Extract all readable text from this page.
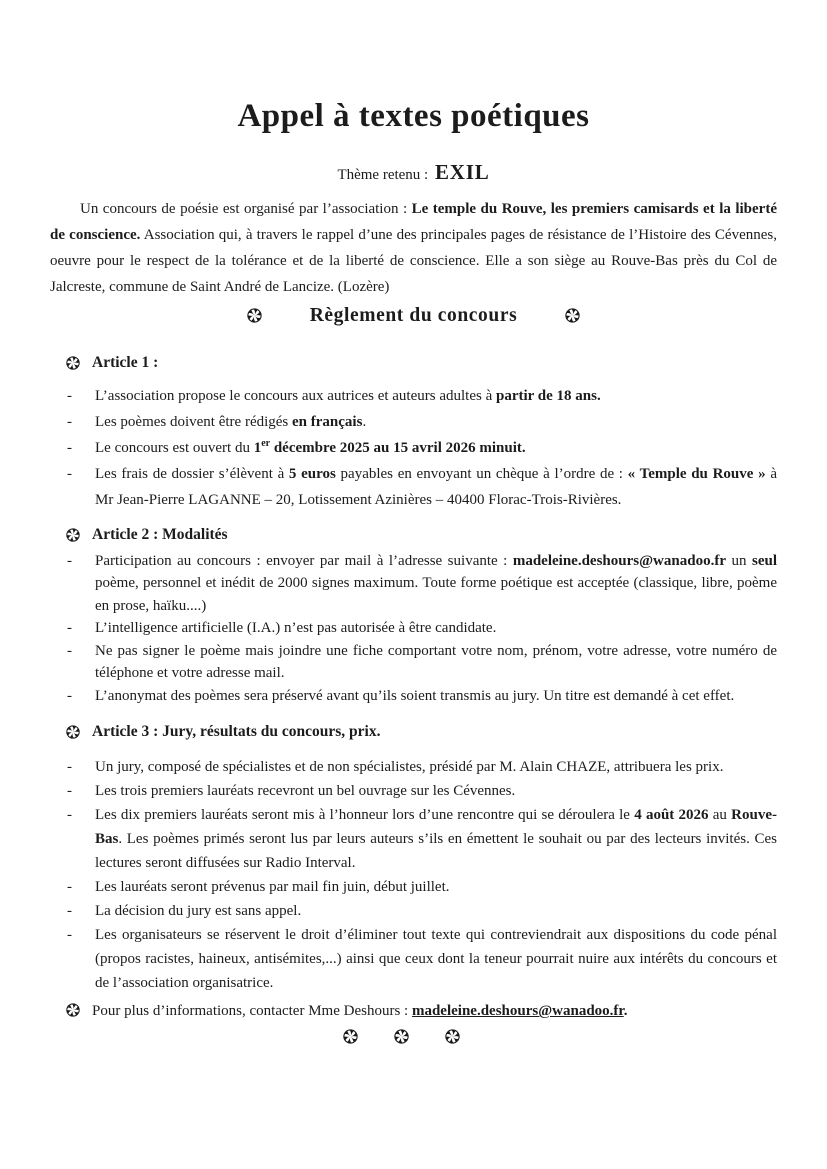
Appel à textes poétiques
Thème retenu : EXIL

Un concours de poésie est organisé par l’association : Le temple du Rouve, les premiers camisards et la liberté de conscience. Association qui, à travers le rappel d’une des principales pages de résistance de l’Histoire des Cévennes, oeuvre pour le respect de la tolérance et de la liberté de conscience. Elle a son siège au Rouve-Bas près du Col de Jalcreste, commune de Saint André de Lancize. (Lozère)

Règlement du concours
Article 1 :
- L’association propose le concours aux autrices et auteurs adultes à partir de 18 ans.
- Les poèmes doivent être rédigés en français.
- Le concours est ouvert du 1er décembre 2025 au 15 avril 2026 minuit.
- Les frais de dossier s’élèvent à 5 euros payables en envoyant un chèque à l’ordre de : « Temple du Rouve » à Mr Jean-Pierre LAGANNE – 20, Lotissement Azinières – 40400 Florac-Trois-Rivières.
Article 2 : Modalités
- Participation au concours : envoyer par mail à l’adresse suivante : madeleine.deshours@wanadoo.fr un seul poème, personnel et inédit de 2000 signes maximum. Toute forme poétique est acceptée (classique, libre, poème en prose, haïku....)
- L’intelligence artificielle (I.A.) n’est pas autorisée à être candidate.
- Ne pas signer le poème mais joindre une fiche comportant votre nom, prénom, votre adresse, votre numéro de téléphone et votre adresse mail.
- L’anonymat des poèmes sera préservé avant qu’ils soient transmis au jury. Un titre est demandé à cet effet.
Article 3 : Jury, résultats du concours, prix.
- Un jury, composé de spécialistes et de non spécialistes, présidé par M. Alain CHAZE, attribuera les prix.
- Les trois premiers lauréats recevront un bel ouvrage sur les Cévennes.
- Les dix premiers lauréats seront mis à l’honneur lors d’une rencontre qui se déroulera le 4 août 2026 au Rouve-Bas. Les poèmes primés seront lus par leurs auteurs s’ils en émettent le souhait ou par des lecteurs invités. Ces lectures seront diffusées sur Radio Interval.
- Les lauréats seront prévenus par mail fin juin, début juillet.
- La décision du jury est sans appel.
- Les organisateurs se réservent le droit d’éliminer tout texte qui contreviendrait aux dispositions du code pénal (propos racistes, haineux, antisémites,...) ainsi que ceux dont la teneur pourrait nuire aux intérêts du concours et de l’association organisatrice.
Pour plus d’informations, contacter Mme Deshours : madeleine.deshours@wanadoo.fr.
